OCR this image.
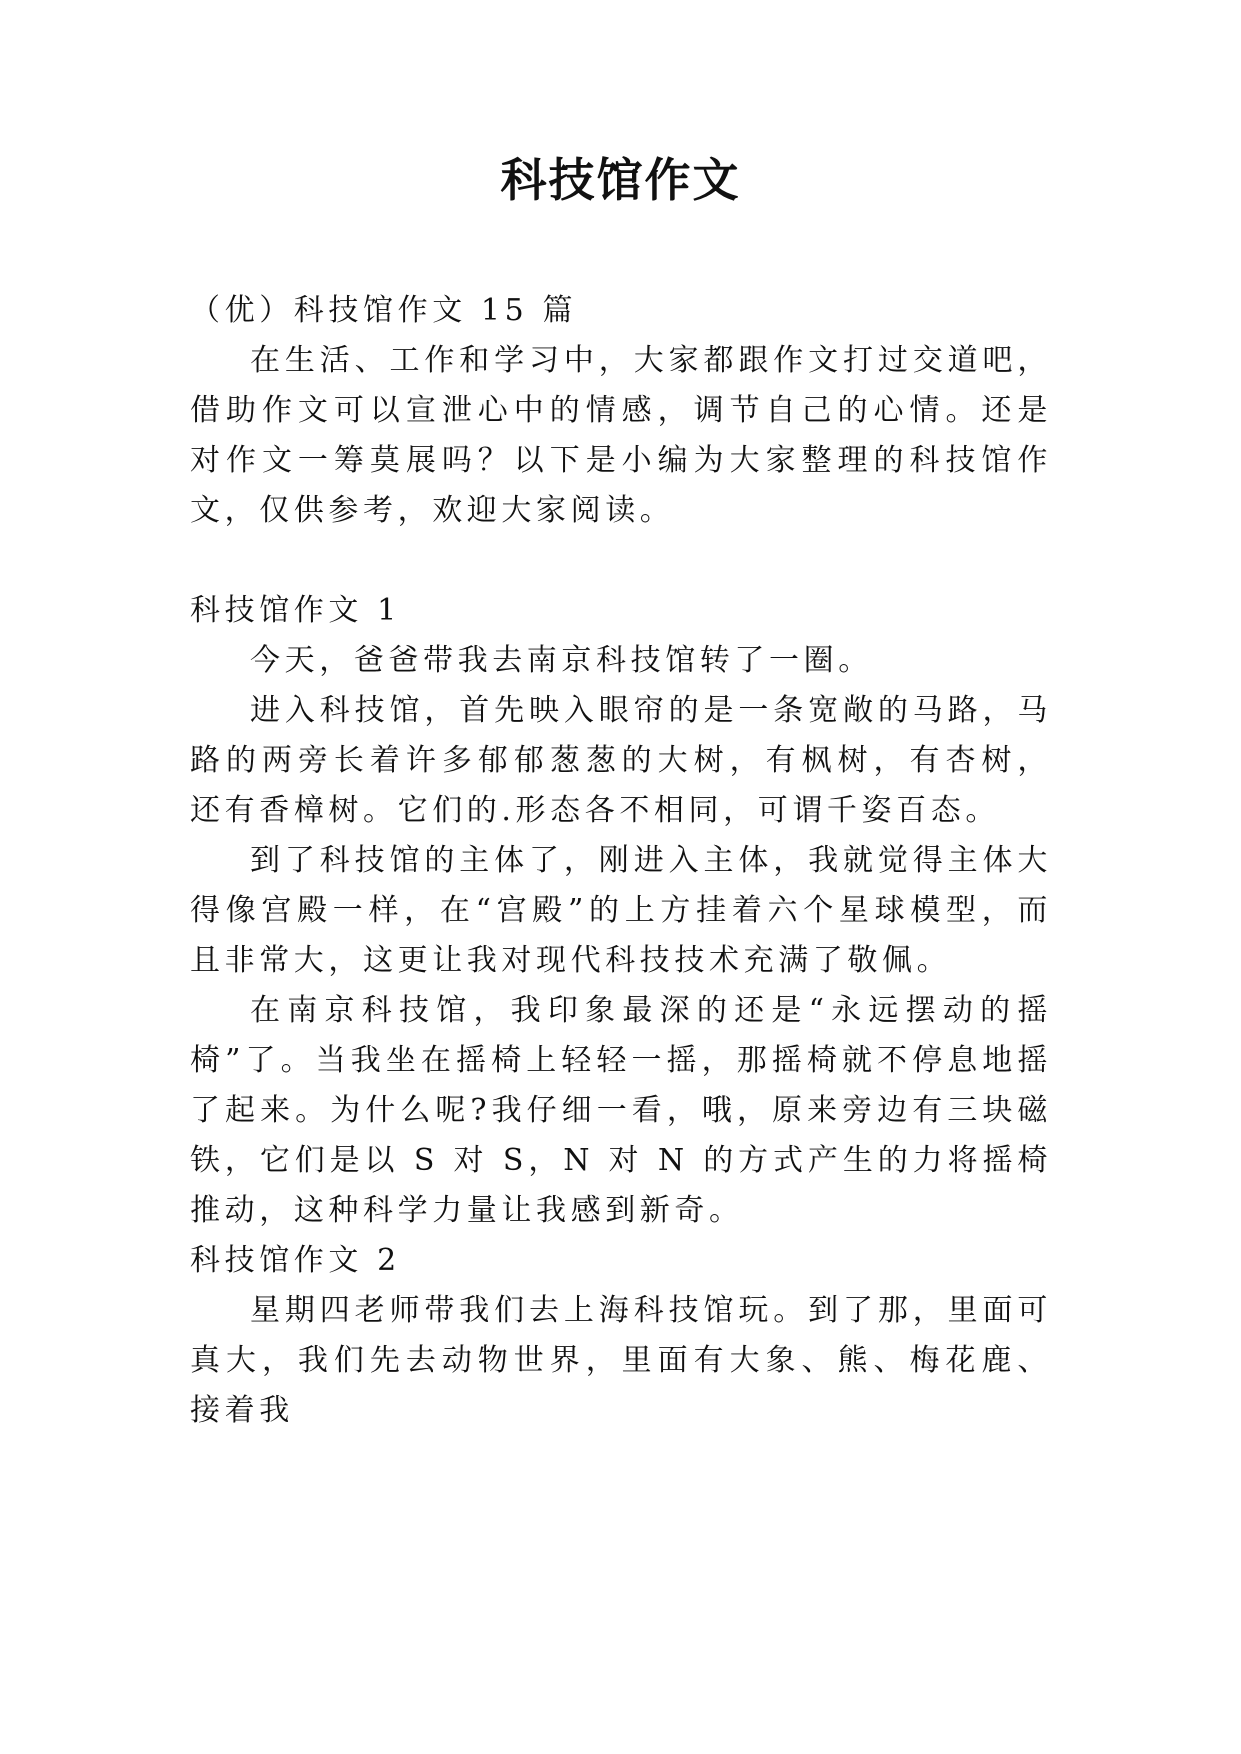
科技馆作文

（优）科技馆作文 15 篇

在生活、工作和学习中，大家都跟作文打过交道吧，借助作文可以宣泄心中的情感，调节自己的心情。还是对作文一筹莫展吗？以下是小编为大家整理的科技馆作文，仅供参考，欢迎大家阅读。

科技馆作文 1

今天，爸爸带我去南京科技馆转了一圈。

进入科技馆，首先映入眼帘的是一条宽敞的马路，马路的两旁长着许多郁郁葱葱的大树，有枫树，有杏树，还有香樟树。它们的.形态各不相同，可谓千姿百态。

到了科技馆的主体了，刚进入主体，我就觉得主体大得像宫殿一样，在“宫殿”的上方挂着六个星球模型，而且非常大，这更让我对现代科技技术充满了敬佩。

在南京科技馆，我印象最深的还是“永远摆动的摇椅”了。当我坐在摇椅上轻轻一摇，那摇椅就不停息地摇了起来。为什么呢?我仔细一看，哦，原来旁边有三块磁铁，它们是以 S 对 S，N 对 N 的方式产生的力将摇椅推动，这种科学力量让我感到新奇。

科技馆作文 2

星期四老师带我们去上海科技馆玩。到了那，里面可真大，我们先去动物世界，里面有大象、熊、梅花鹿、接着我
